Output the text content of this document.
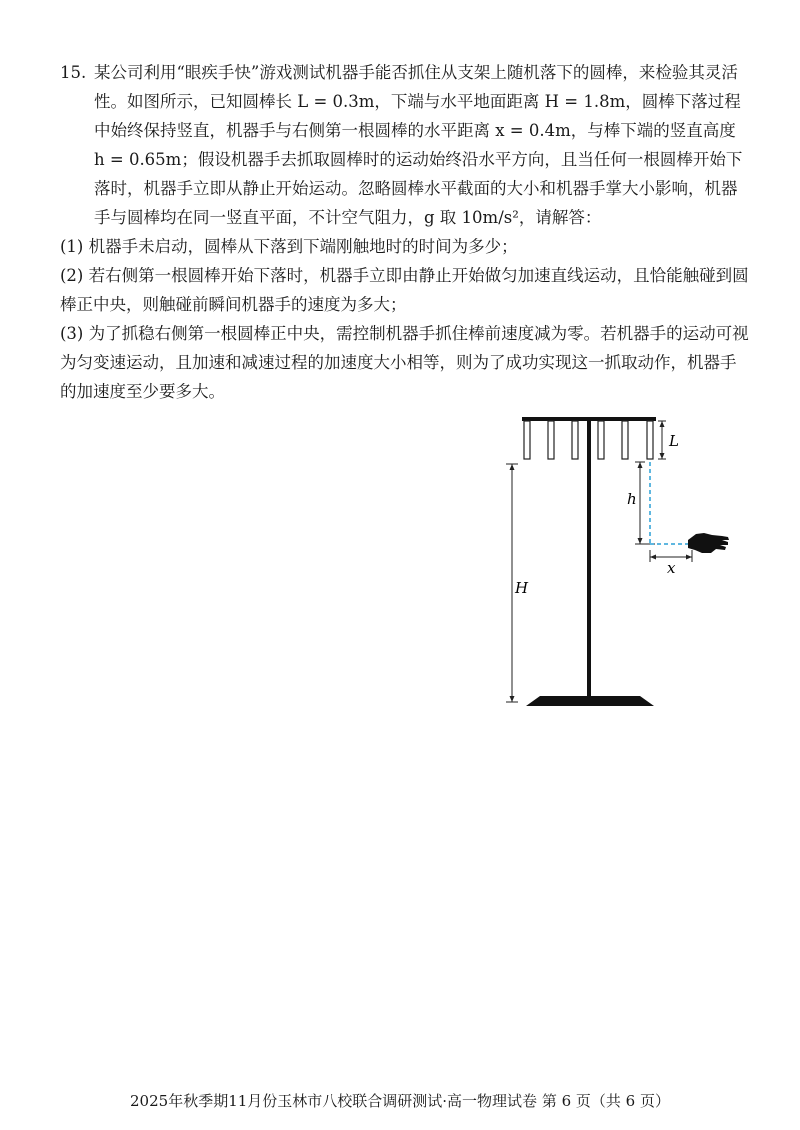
15. 某公司利用“眼疾手快”游戏测试机器手能否抓住从支架上随机落下的圆棒，来检验其灵活性。如图所示，已知圆棒长 L = 0.3m，下端与水平地面距离 H = 1.8m，圆棒下落过程中始终保持竖直，机器手与右侧第一根圆棒的水平距离 x = 0.4m，与棒下端的竖直高度 h = 0.65m；假设机器手去抓取圆棒时的运动始终沿水平方向，且当任何一根圆棒开始下落时，机器手立即从静止开始运动。忽略圆棒水平截面的大小和机器手掌大小影响，机器手与圆棒均在同一竖直平面，不计空气阻力，g 取 10m/s²，请解答：

(1) 机器手未启动，圆棒从下落到下端刚触地时的时间为多少；

(2) 若右侧第一根圆棒开始下落时，机器手立即由静止开始做匀加速直线运动，且恰能触碰到圆棒正中央，则触碰前瞬间机器手的速度为多大；

(3) 为了抓稳右侧第一根圆棒正中央，需控制机器手抓住棒前速度减为零。若机器手的运动可视为匀变速运动，且加速和减速过程的加速度大小相等，则为了成功实现这一抓取动作，机器手的加速度至少要多大。

L
h
x
H
2025年秋季期11月份玉林市八校联合调研测试·高一物理试卷 第 6 页（共 6 页）
